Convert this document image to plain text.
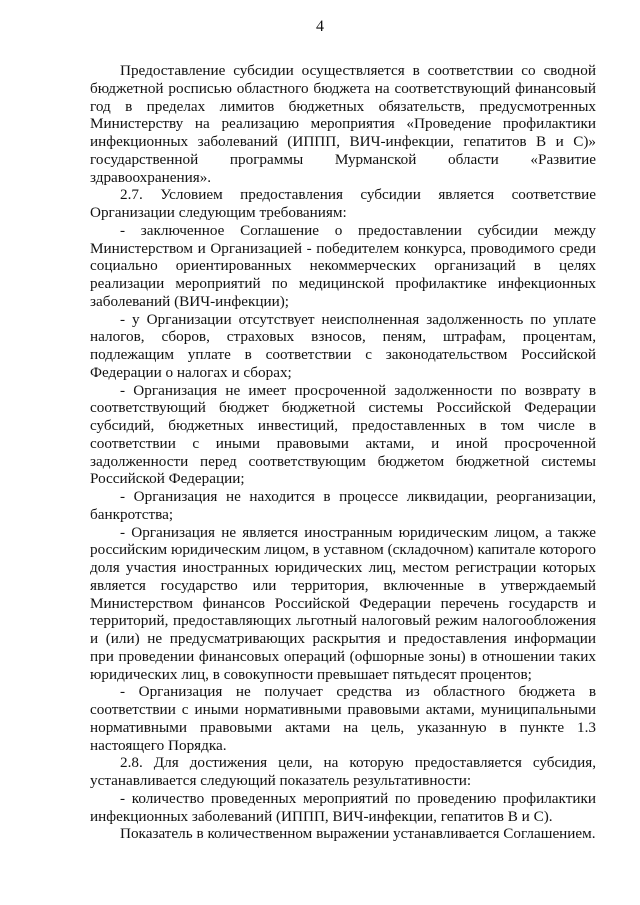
4

Предоставление субсидии осуществляется в соответствии со сводной бюджетной росписью областного бюджета на соответствующий финансовый год в пределах лимитов бюджетных обязательств, предусмотренных Министерству на реализацию мероприятия «Проведение профилактики инфекционных заболеваний (ИППП, ВИЧ-инфекции, гепатитов В и С)» государственной программы Мурманской области «Развитие здравоохранения».

2.7. Условием предоставления субсидии является соответствие Организации следующим требованиям:

- заключенное Соглашение о предоставлении субсидии между Министерством и Организацией - победителем конкурса, проводимого среди социально ориентированных некоммерческих организаций в целях реализации мероприятий по медицинской профилактике инфекционных заболеваний (ВИЧ-инфекции);

- у Организации отсутствует неисполненная задолженность по уплате налогов, сборов, страховых взносов, пеням, штрафам, процентам, подлежащим уплате в соответствии с законодательством Российской Федерации о налогах и сборах;

- Организация не имеет просроченной задолженности по возврату в соответствующий бюджет бюджетной системы Российской Федерации субсидий, бюджетных инвестиций, предоставленных в том числе в соответствии с иными правовыми актами, и иной просроченной задолженности перед соответствующим бюджетом бюджетной системы Российской Федерации;

- Организация не находится в процессе ликвидации, реорганизации, банкротства;

- Организация не является иностранным юридическим лицом, а также российским юридическим лицом, в уставном (складочном) капитале которого доля участия иностранных юридических лиц, местом регистрации которых является государство или территория, включенные в утверждаемый Министерством финансов Российской Федерации перечень государств и территорий, предоставляющих льготный налоговый режим налогообложения и (или) не предусматривающих раскрытия и предоставления информации при проведении финансовых операций (офшорные зоны) в отношении таких юридических лиц, в совокупности превышает пятьдесят процентов;

- Организация не получает средства из областного бюджета в соответствии с иными нормативными правовыми актами, муниципальными нормативными правовыми актами на цель, указанную в пункте 1.3 настоящего Порядка.

2.8. Для достижения цели, на которую предоставляется субсидия, устанавливается следующий показатель результативности:

- количество проведенных мероприятий по проведению профилактики инфекционных заболеваний (ИППП, ВИЧ-инфекции, гепатитов В и С).

Показатель в количественном выражении устанавливается Соглашением.
